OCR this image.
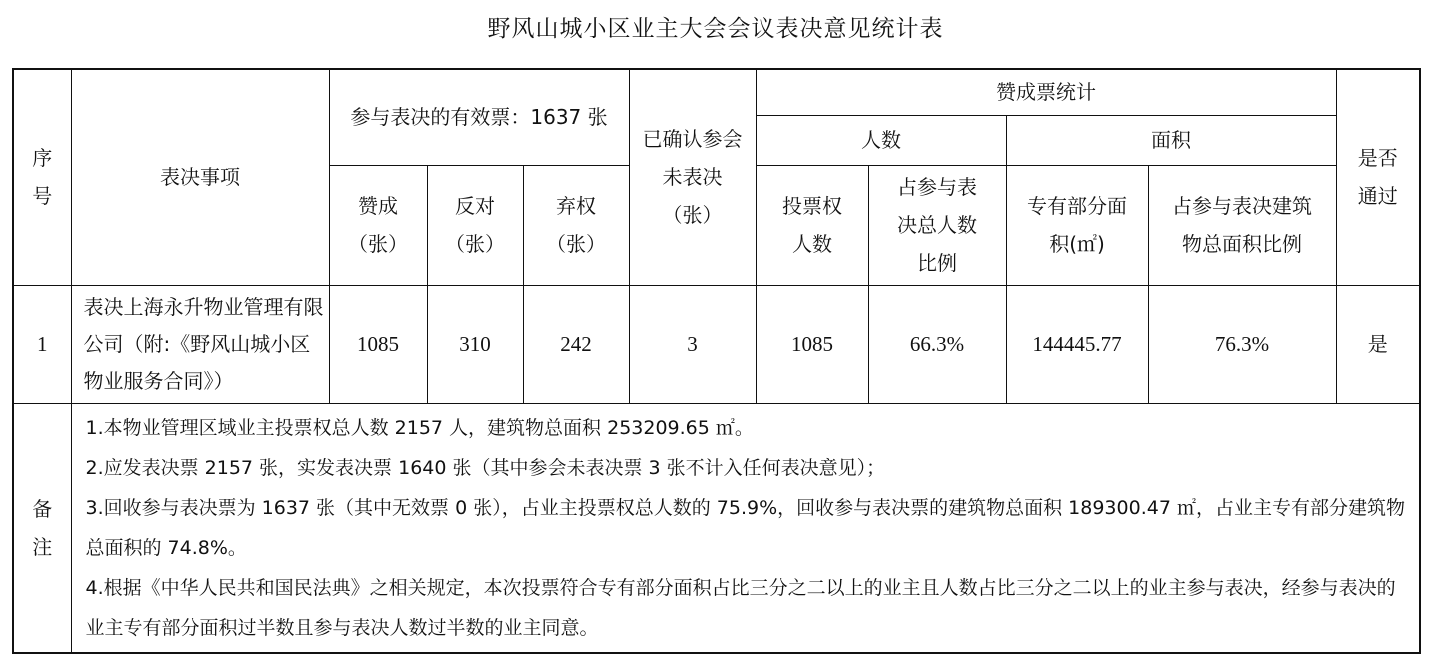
野风山城小区业主大会会议表决意见统计表
序号	表决事项	参与表决的有效票：1637 张			已确认参会未表决（张）	赞成票统计				是否通过

						人数		面积		

		赞成（张）	反对（张）	弃权（张）		投票权人数	占参与表决总人数比例	专有部分面积(㎡)	占参与表决建筑物总面积比例	

1	表决上海永升物业管理有限公司（附:《野风山城小区物业服务合同》）	1085	310	242	3	1085	66.3%	144445.77	76.3%	是

备注	1.本物业管理区域业主投票权总人数 2157 人，建筑物总面积 253209.65 ㎡。
2.应发表决票 2157 张，实发表决票 1640 张（其中参会未表决票 3 张不计入任何表决意见）；
3.回收参与表决票为 1637 张（其中无效票 0 张），占业主投票权总人数的 75.9%，回收参与表决票的建筑物总面积 189300.47 ㎡，占业主专有部分建筑物总面积的 74.8%。
4.根据《中华人民共和国民法典》之相关规定，本次投票符合专有部分面积占比三分之二以上的业主且人数占比三分之二以上的业主参与表决，经参与表决的业主专有部分面积过半数且参与表决人数过半数的业主同意。									
